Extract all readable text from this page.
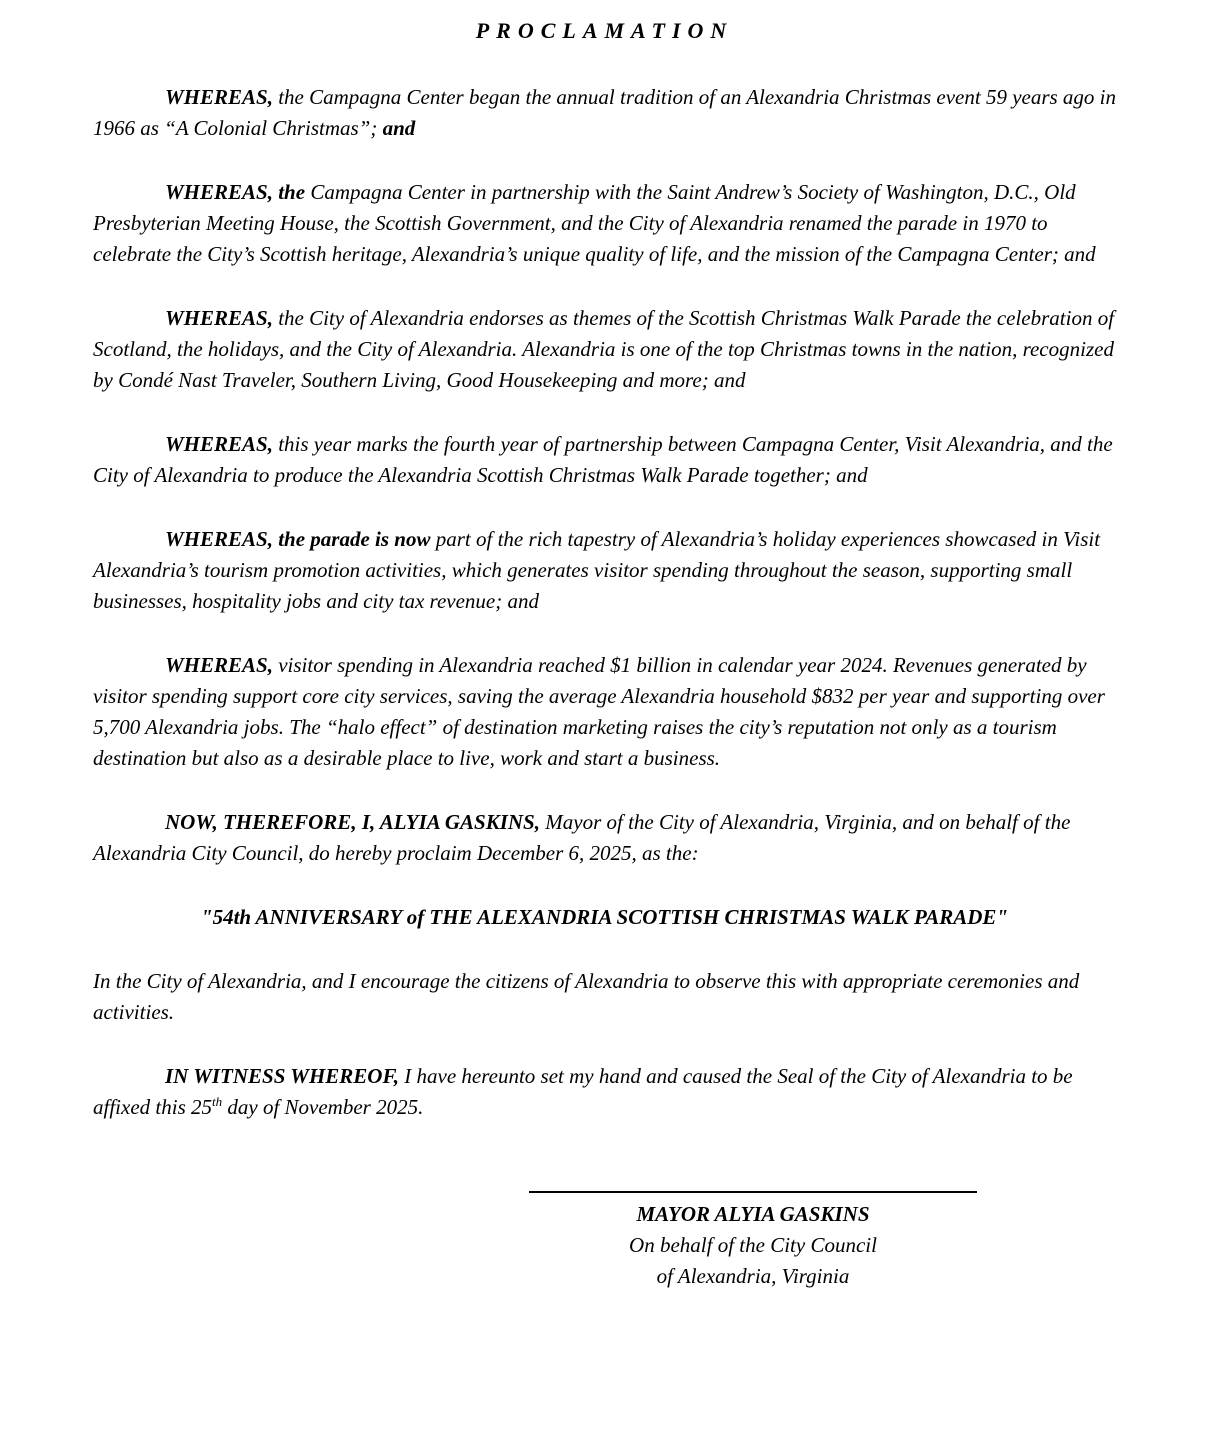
PROCLAMATION

WHEREAS, the Campagna Center began the annual tradition of an Alexandria Christmas event 59 years ago in 1966 as “A Colonial Christmas”; and

WHEREAS, the Campagna Center in partnership with the Saint Andrew’s Society of Washington, D.C., Old Presbyterian Meeting House, the Scottish Government, and the City of Alexandria renamed the parade in 1970 to celebrate the City’s Scottish heritage, Alexandria’s unique quality of life, and the mission of the Campagna Center; and

WHEREAS, the City of Alexandria endorses as themes of the Scottish Christmas Walk Parade the celebration of Scotland, the holidays, and the City of Alexandria. Alexandria is one of the top Christmas towns in the nation, recognized by Condé Nast Traveler, Southern Living, Good Housekeeping and more; and

WHEREAS, this year marks the fourth year of partnership between Campagna Center, Visit Alexandria, and the City of Alexandria to produce the Alexandria Scottish Christmas Walk Parade together; and

WHEREAS, the parade is now part of the rich tapestry of Alexandria’s holiday experiences showcased in Visit Alexandria’s tourism promotion activities, which generates visitor spending throughout the season, supporting small businesses, hospitality jobs and city tax revenue; and

WHEREAS, visitor spending in Alexandria reached $1 billion in calendar year 2024. Revenues generated by visitor spending support core city services, saving the average Alexandria household $832 per year and supporting over 5,700 Alexandria jobs. The “halo effect” of destination marketing raises the city’s reputation not only as a tourism destination but also as a desirable place to live, work and start a business.

NOW, THEREFORE, I, ALYIA GASKINS, Mayor of the City of Alexandria, Virginia, and on behalf of the Alexandria City Council, do hereby proclaim December 6, 2025, as the:

"54th ANNIVERSARY of THE ALEXANDRIA SCOTTISH CHRISTMAS WALK PARADE"

In the City of Alexandria, and I encourage the citizens of Alexandria to observe this with appropriate ceremonies and activities.

IN WITNESS WHEREOF, I have hereunto set my hand and caused the Seal of the City of Alexandria to be affixed this 25th day of November 2025.

MAYOR ALYIA GASKINS
On behalf of the City Council
of Alexandria, Virginia
